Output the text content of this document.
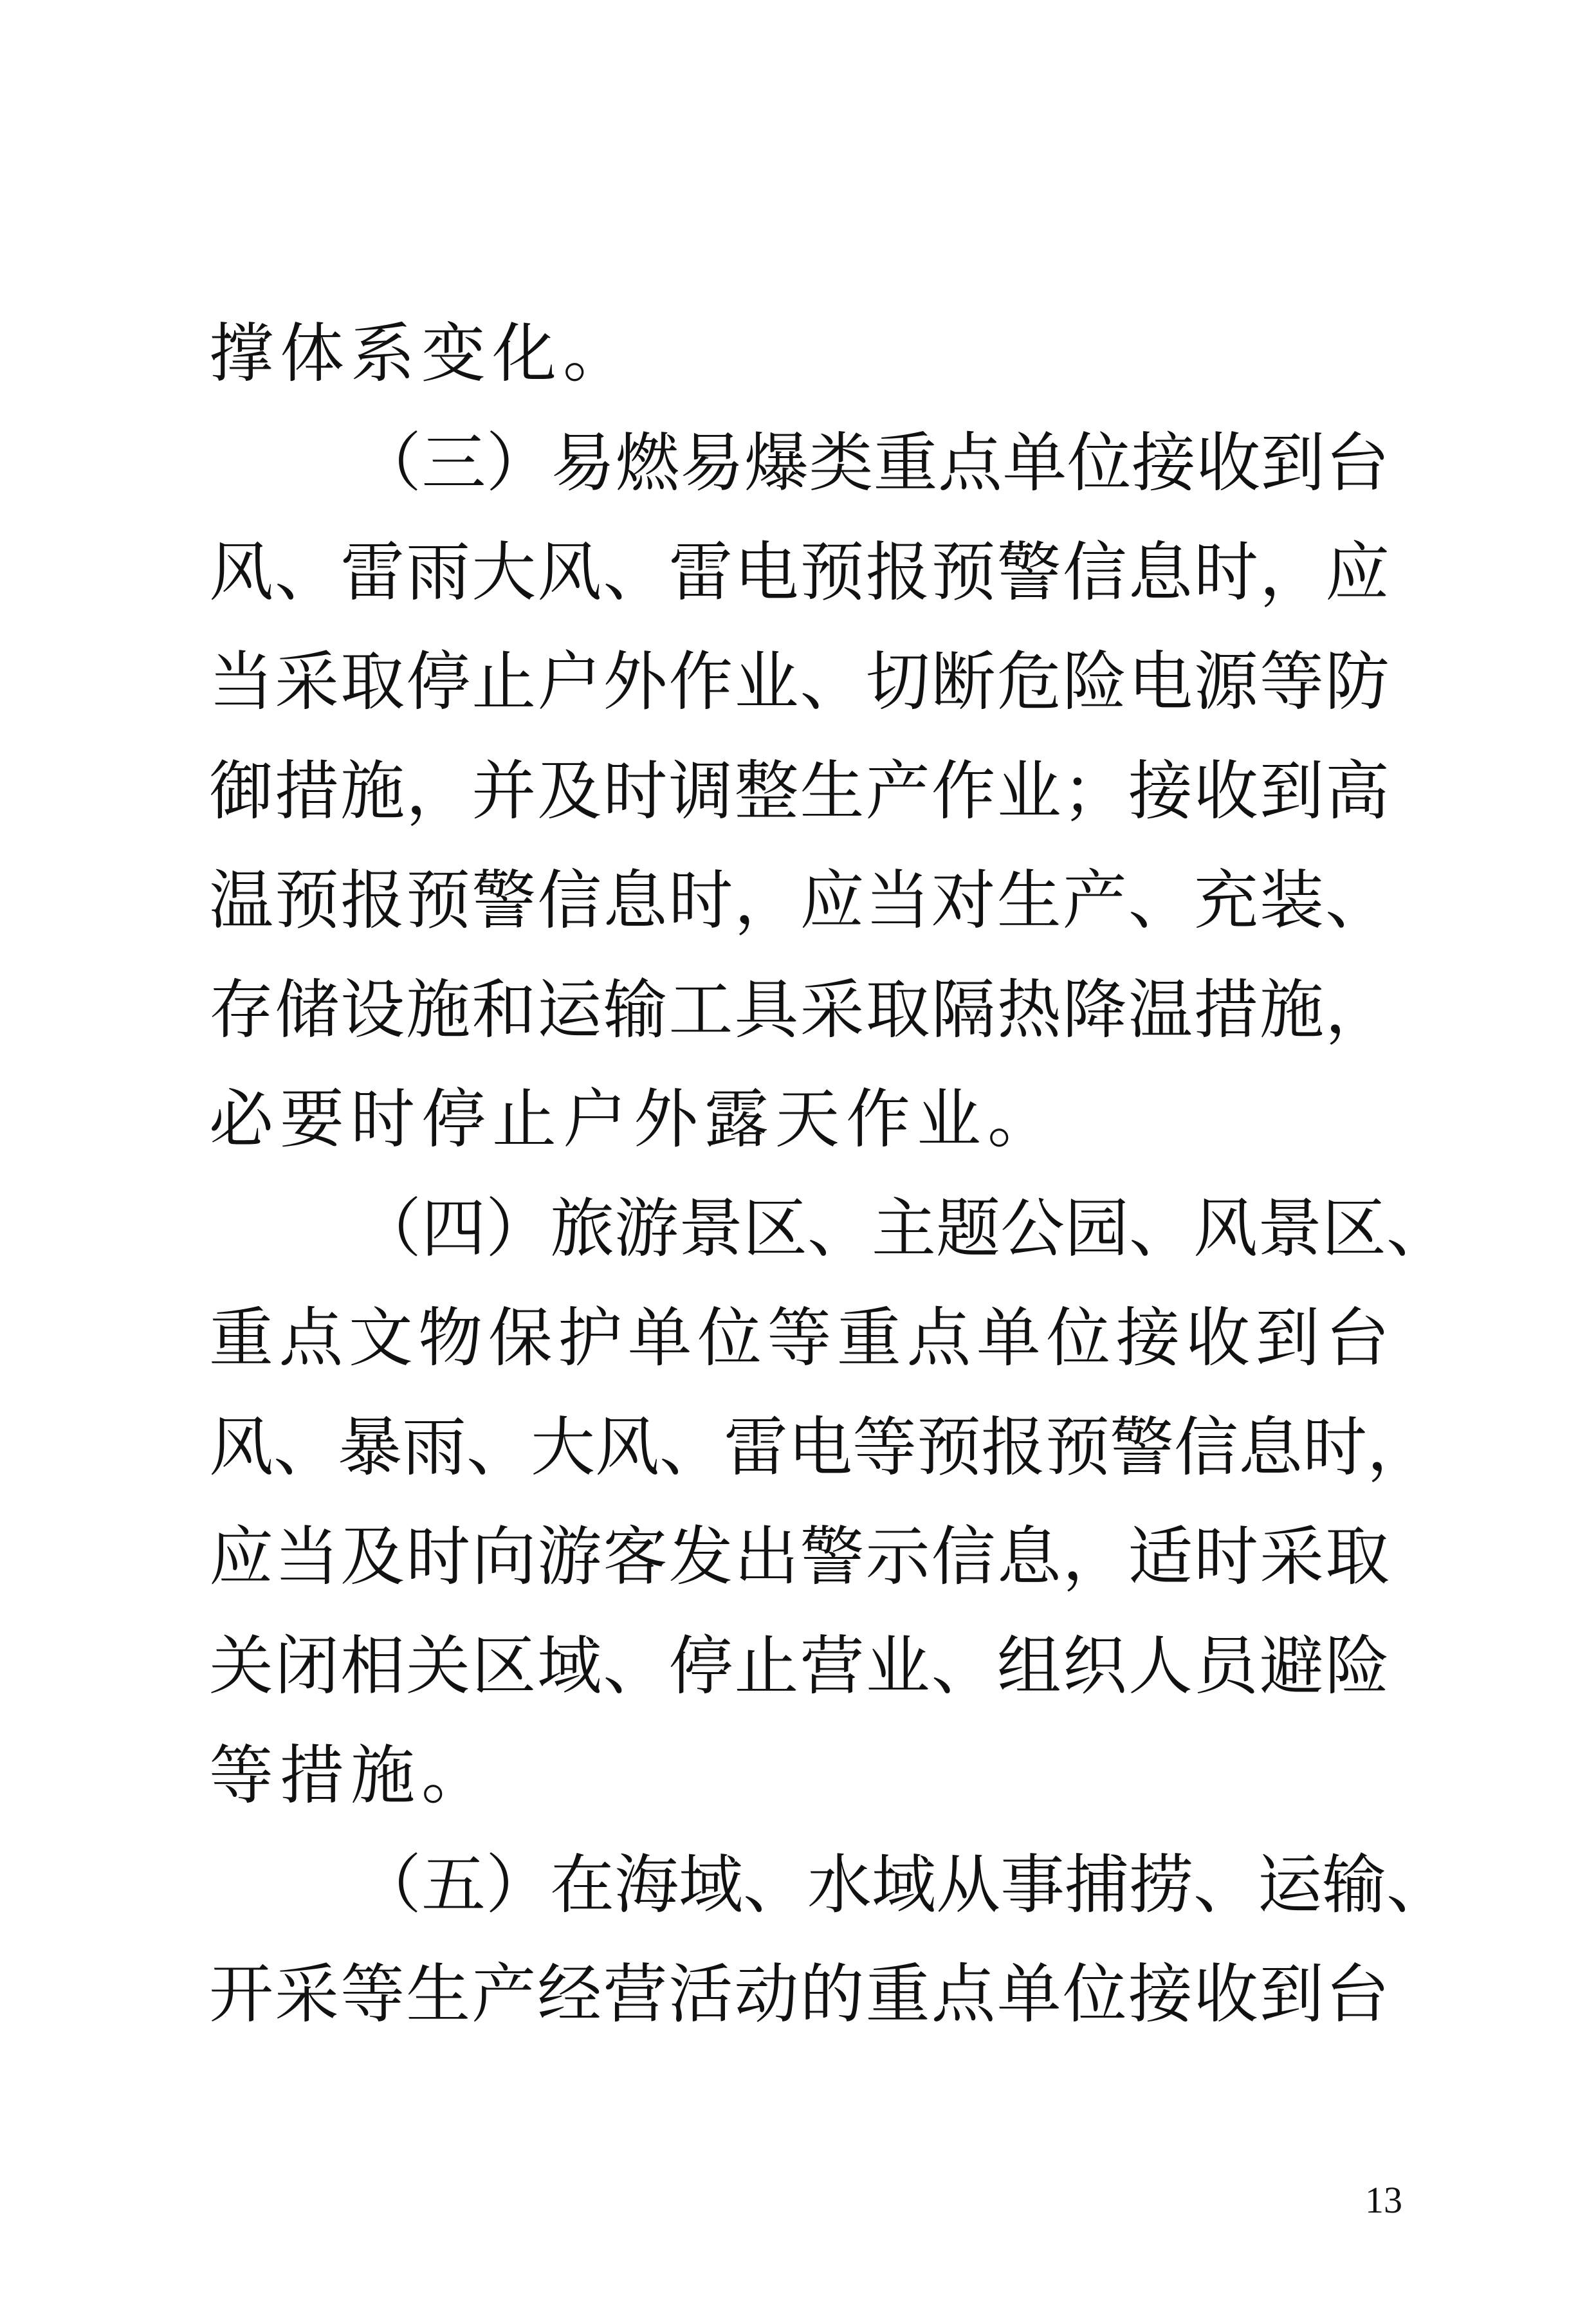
撑体系变化。
（三）易燃易爆类重点单位接收到台
风、雷雨大风、雷电预报预警信息时，应
当采取停止户外作业、切断危险电源等防
御措施，并及时调整生产作业；接收到高
温预报预警信息时，应当对生产、充装、
存储设施和运输工具采取隔热降温措施，
必要时停止户外露天作业。
（四）旅游景区、主题公园、风景区、
重点文物保护单位等重点单位接收到台
风、暴雨、大风、雷电等预报预警信息时，
应当及时向游客发出警示信息，适时采取
关闭相关区域、停止营业、组织人员避险
等措施。
（五）在海域、水域从事捕捞、运输、
开采等生产经营活动的重点单位接收到台
13
